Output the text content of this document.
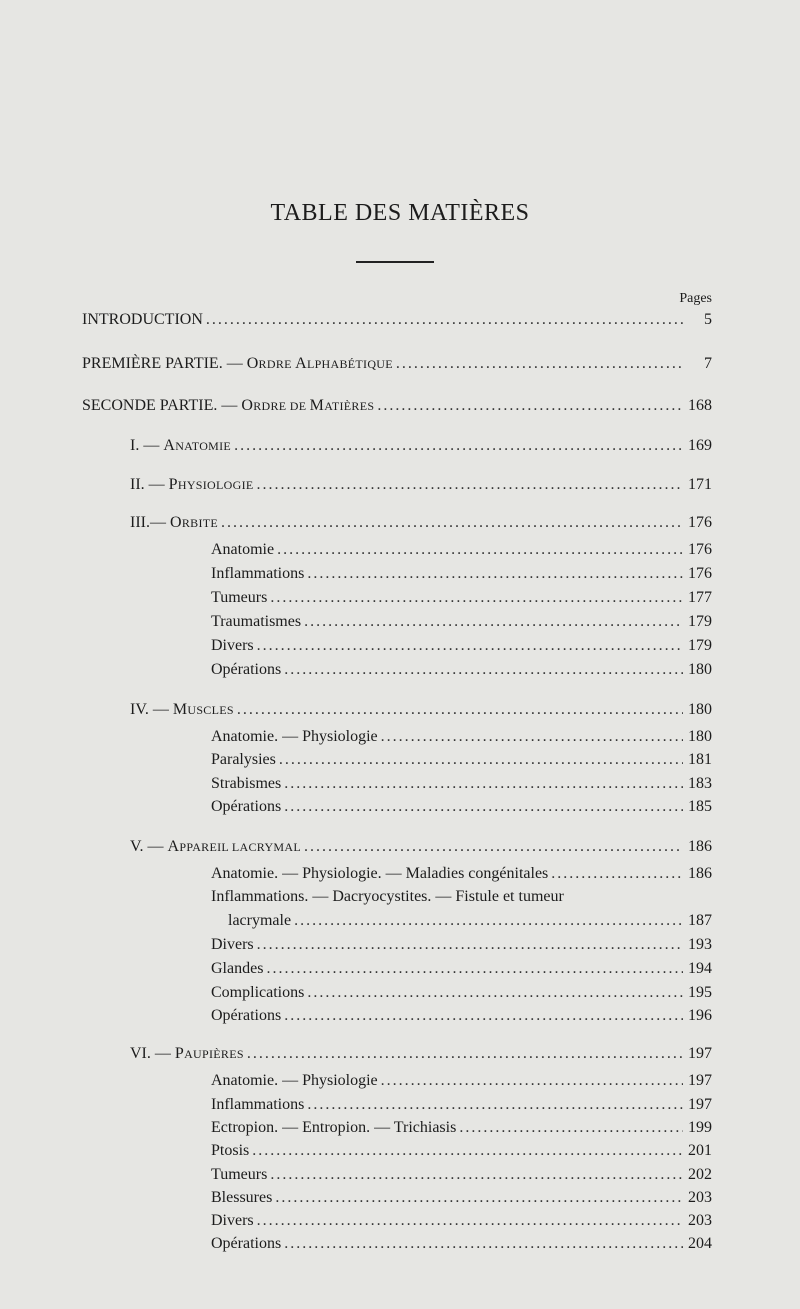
TABLE DES MATIÈRES
Pages
INTRODUCTION .....	5
PREMIÈRE PARTIE. — ORDRE ALPHABÉTIQUE .....	7
SECONDE PARTIE. — ORDRE DE MATIÈRES .....	168
I. — ANATOMIE .....	169
II. — PHYSIOLOGIE .....	171
III.— ORBITE .....	176
Anatomie .....	176
Inflammations .....	176
Tumeurs .....	177
Traumatismes .....	179
Divers .....	179
Opérations .....	180
IV. — MUSCLES .....	180
Anatomie. — Physiologie .....	180
Paralysies .....	181
Strabismes .....	183
Opérations .....	185
V. — APPAREIL LACRYMAL .....	186
Anatomie. — Physiologie. — Maladies congénitales .....	186
Inflammations. — Dacryocystites. — Fistule et tumeur
lacrymale .....	187
Divers .....	193
Glandes .....	194
Complications .....	195
Opérations .....	196
VI. — PAUPIÈRES .....	197
Anatomie. — Physiologie .....	197
Inflammations .....	197
Ectropion. — Entropion. — Trichiasis .....	199
Ptosis .....	201
Tumeurs .....	202
Blessures .....	203
Divers .....	203
Opérations .....	204
